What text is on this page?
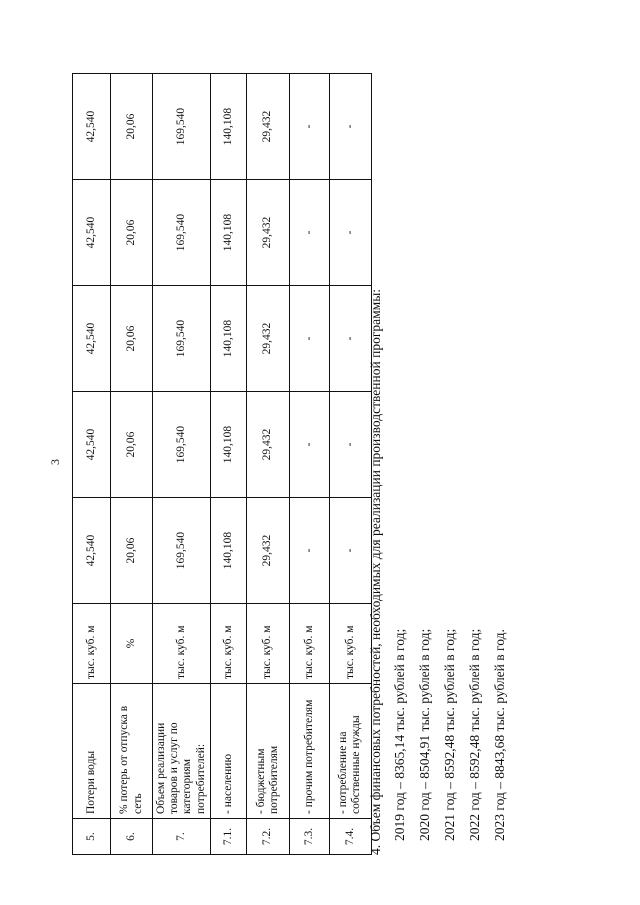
3
5.	Потери воды	тыс. куб. м	42,540	42,540	42,540	42,540	42,540
6.	% потерь от отпуска в сеть	%	20,06	20,06	20,06	20,06	20,06
7.	Объем реализации товаров и услуг по категориям потребителей:	тыс. куб. м	169,540	169,540	169,540	169,540	169,540
7.1.	- населению	тыс. куб. м	140,108	140,108	140,108	140,108	140,108
7.2.	- бюджетным потребителям	тыс. куб. м	29,432	29,432	29,432	29,432	29,432
7.3.	- прочим потребителям	тыс. куб. м	-	-	-	-	-
7.4.	- потребление на собственные нужды	тыс. куб. м	-	-	-	-	-

4. Объем финансовых потребностей, необходимых для реализации производственной программы: 2019 год – 8365,14 тыс. рублей в год; 2020 год – 8504,91 тыс. рублей в год; 2021 год – 8592,48 тыс. рублей в год; 2022 год – 8592,48 тыс. рублей в год; 2023 год – 8843,68 тыс. рублей в год.
